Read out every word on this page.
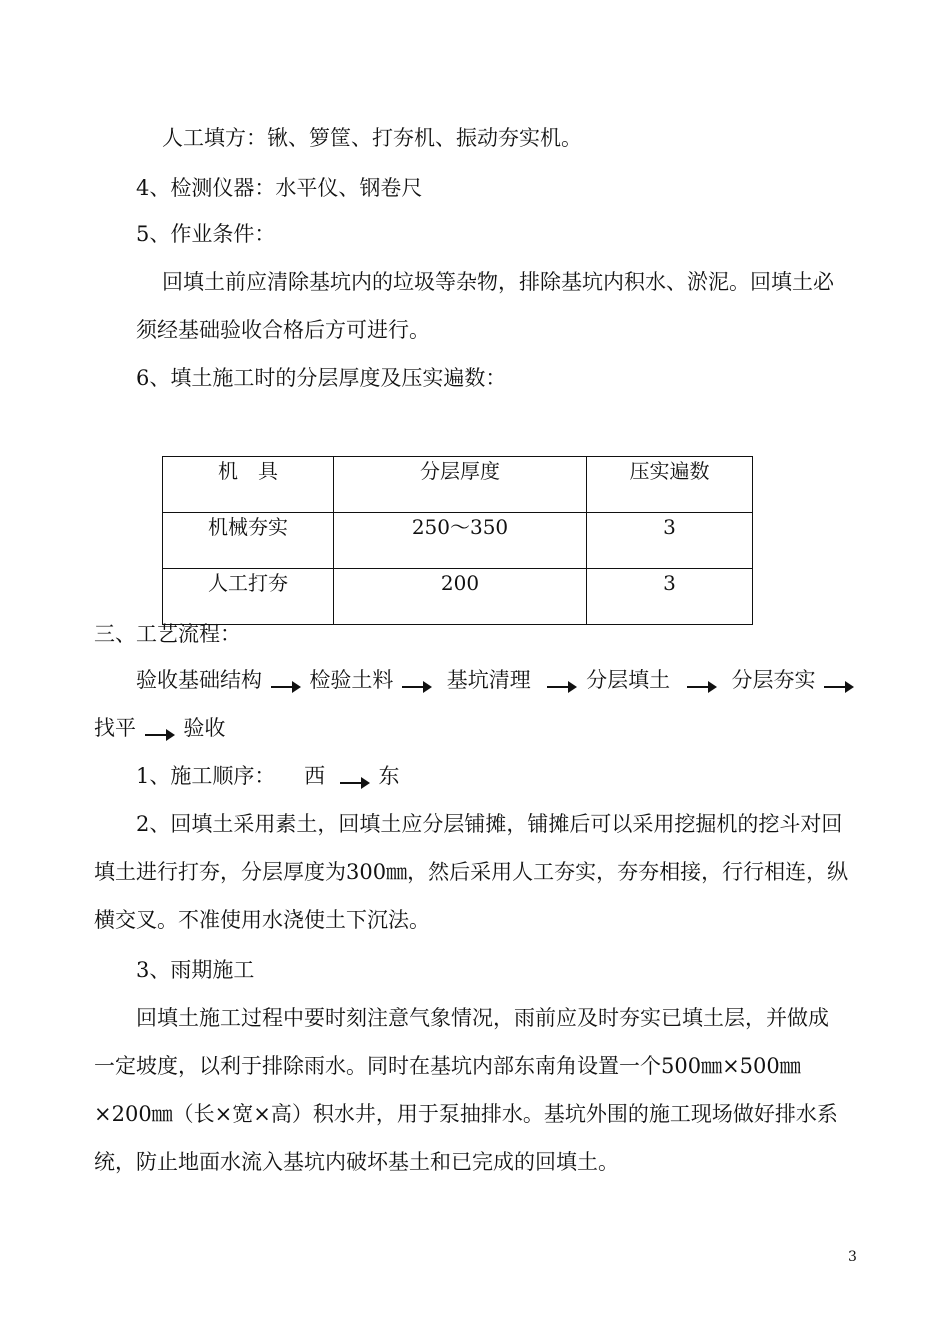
人工填方：锹、箩筐、打夯机、振动夯实机。
4、检测仪器：水平仪、钢卷尺
5、作业条件：
回填土前应清除基坑内的垃圾等杂物，排除基坑内积水、淤泥。回填土必
须经基础验收合格后方可进行。
6、填土施工时的分层厚度及压实遍数：
机　具	分层厚度	压实遍数
机械夯实	250～350	3
人工打夯	200	3
三、工艺流程：
验收基础结构 检验土料	基坑清理	分层填土	分层夯实
找平 验收
1、施工顺序： 西	东
2、回填土采用素土，回填土应分层铺摊，铺摊后可以采用挖掘机的挖斗对回
填土进行打夯，分层厚度为300㎜，然后采用人工夯实，夯夯相接，行行相连，纵
横交叉。不准使用水浇使土下沉法。
3、雨期施工
回填土施工过程中要时刻注意气象情况，雨前应及时夯实已填土层，并做成
一定坡度，以利于排除雨水。同时在基坑内部东南角设置一个500㎜×500㎜
×200㎜（长×宽×高）积水井，用于泵抽排水。基坑外围的施工现场做好排水系
统，防止地面水流入基坑内破坏基土和已完成的回填土。
3
